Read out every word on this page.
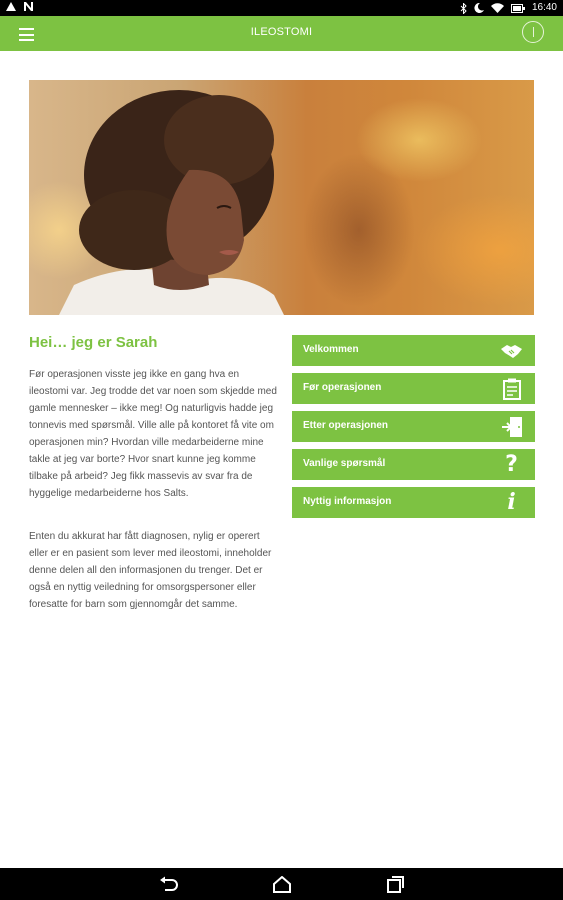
16:40
ILEOSTOMI
Hei… jeg er Sarah

Før operasjonen visste jeg ikke en gang hva en ileostomi var. Jeg trodde det var noen som skjedde med gamle mennesker – ikke meg! Og naturligvis hadde jeg tonnevis med spørsmål. Ville alle på kontoret få vite om operasjonen min? Hvordan ville medarbeiderne mine takle at jeg var borte? Hvor snart kunne jeg komme tilbake på arbeid? Jeg fikk massevis av svar fra de hyggelige medarbeiderne hos Salts.

Enten du akkurat har fått diagnosen, nylig er operert eller er en pasient som lever med ileostomi, inneholder denne delen all den informasjonen du trenger. Det er også en nyttig veiledning for omsorgspersoner eller foresatte for barn som gjennomgår det samme.

Velkommen
Før operasjonen
Etter operasjonen
Vanlige spørsmål	?
Nyttig informasjon	i
